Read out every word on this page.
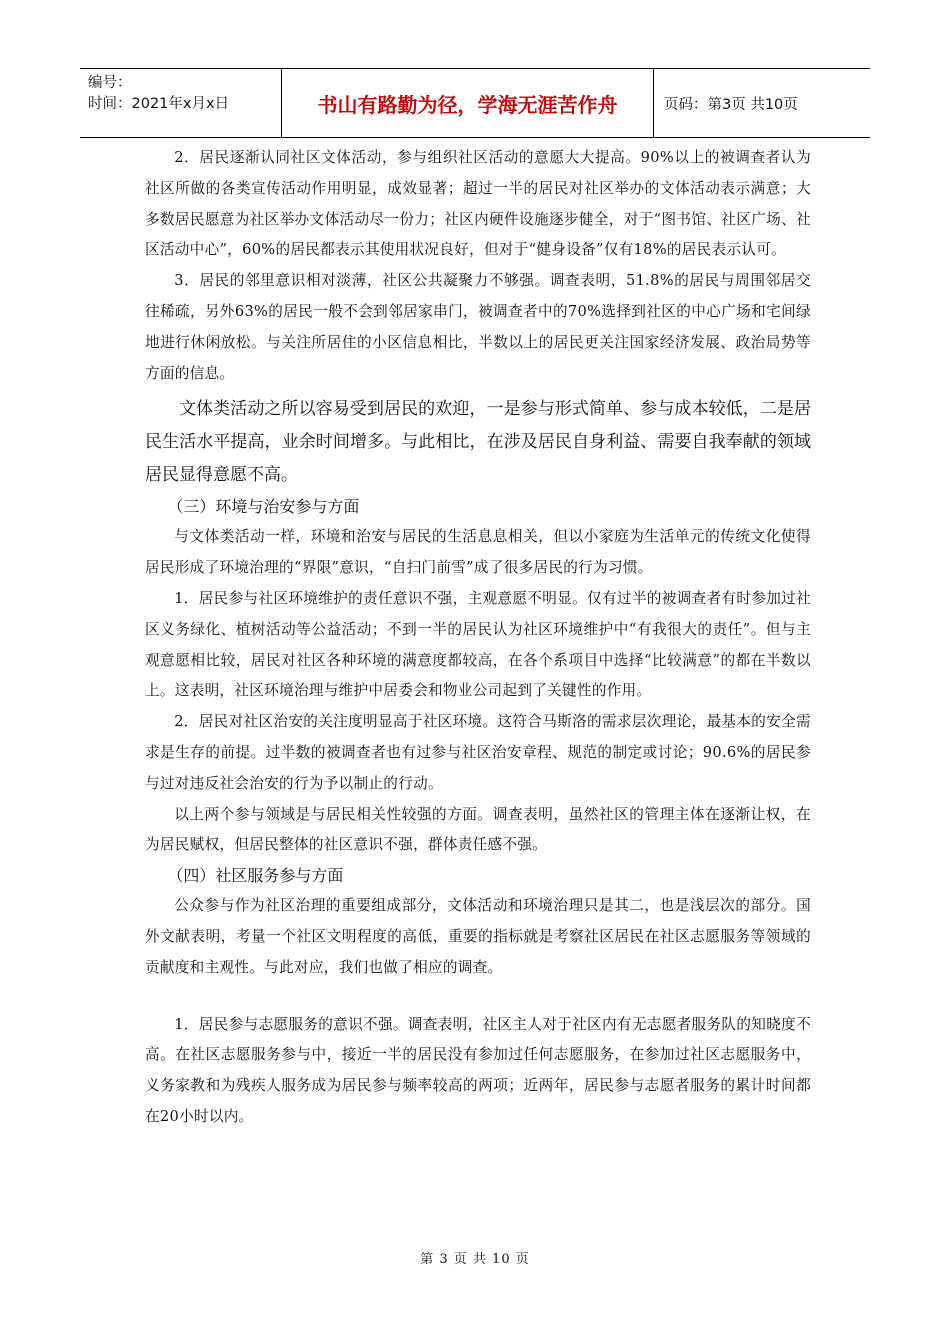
编号：
时间：2021年x月x日	书山有路勤为径，学海无涯苦作舟	页码：第3页 共10页

2．居民逐渐认同社区文体活动，参与组织社区活动的意愿大大提高。90%以上的被调查者认为社区所做的各类宣传活动作用明显，成效显著；超过一半的居民对社区举办的文体活动表示满意；大多数居民愿意为社区举办文体活动尽一份力；社区内硬件设施逐步健全，对于“图书馆、社区广场、社区活动中心”，60%的居民都表示其使用状况良好，但对于“健身设备”仅有18%的居民表示认可。

3．居民的邻里意识相对淡薄，社区公共凝聚力不够强。调查表明，51.8%的居民与周围邻居交往稀疏，另外63%的居民一般不会到邻居家串门，被调查者中的70%选择到社区的中心广场和宅间绿地进行休闲放松。与关注所居住的小区信息相比，半数以上的居民更关注国家经济发展、政治局势等方面的信息。

文体类活动之所以容易受到居民的欢迎，一是参与形式简单、参与成本较低，二是居民生活水平提高，业余时间增多。与此相比，在涉及居民自身利益、需要自我奉献的领域居民显得意愿不高。

（三）环境与治安参与方面

与文体类活动一样，环境和治安与居民的生活息息相关，但以小家庭为生活单元的传统文化使得居民形成了环境治理的“界限”意识，“自扫门前雪”成了很多居民的行为习惯。

1．居民参与社区环境维护的责任意识不强，主观意愿不明显。仅有过半的被调查者有时参加过社区义务绿化、植树活动等公益活动；不到一半的居民认为社区环境维护中“有我很大的责任”。但与主观意愿相比较，居民对社区各种环境的满意度都较高，在各个系项目中选择“比较满意”的都在半数以上。这表明，社区环境治理与维护中居委会和物业公司起到了关键性的作用。

2．居民对社区治安的关注度明显高于社区环境。这符合马斯洛的需求层次理论，最基本的安全需求是生存的前提。过半数的被调查者也有过参与社区治安章程、规范的制定或讨论；90.6%的居民参与过对违反社会治安的行为予以制止的行动。

以上两个参与领域是与居民相关性较强的方面。调查表明，虽然社区的管理主体在逐渐让权，在为居民赋权，但居民整体的社区意识不强，群体责任感不强。

（四）社区服务参与方面

公众参与作为社区治理的重要组成部分，文体活动和环境治理只是其二，也是浅层次的部分。国外文献表明，考量一个社区文明程度的高低，重要的指标就是考察社区居民在社区志愿服务等领域的贡献度和主观性。与此对应，我们也做了相应的调查。

1．居民参与志愿服务的意识不强。调查表明，社区主人对于社区内有无志愿者服务队的知晓度不高。在社区志愿服务参与中，接近一半的居民没有参加过任何志愿服务，在参加过社区志愿服务中，义务家教和为残疾人服务成为居民参与频率较高的两项；近两年，居民参与志愿者服务的累计时间都在20小时以内。

第 3 页 共 10 页
